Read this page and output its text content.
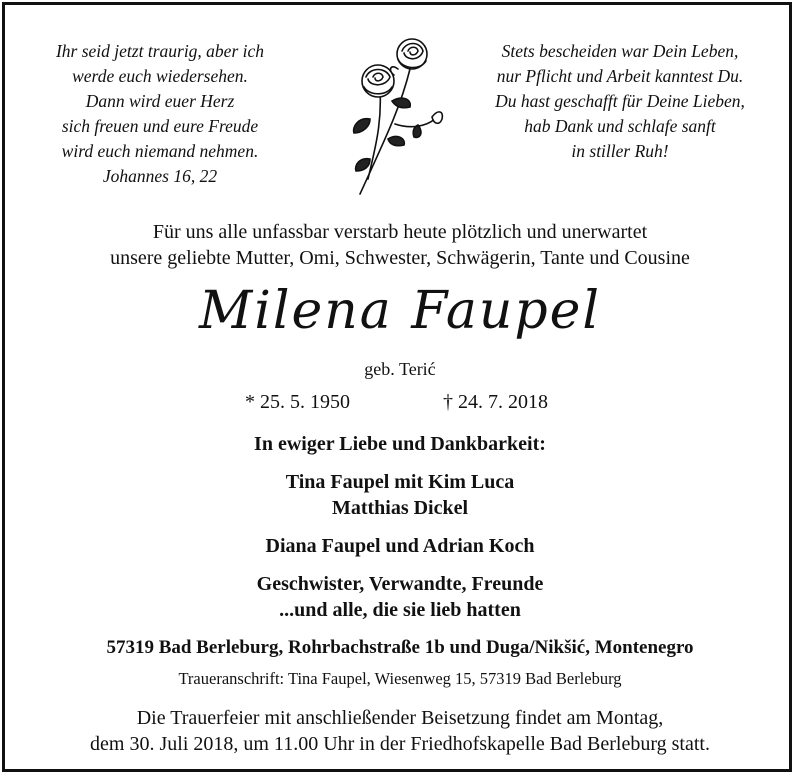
Ihr seid jetzt traurig, aber ich
werde euch wiedersehen.
Dann wird euer Herz
sich freuen und eure Freude
wird euch niemand nehmen.
Johannes 16, 22
Stets bescheiden war Dein Leben,
nur Pflicht und Arbeit kanntest Du.
Du hast geschafft für Deine Lieben,
hab Dank und schlafe sanft
in stiller Ruh!
Für uns alle unfassbar verstarb heute plötzlich und unerwartet
unsere geliebte Mutter, Omi, Schwester, Schwägerin, Tante und Cousine
Milena Faupel
geb. Terić
* 25. 5. 1950	† 24. 7. 2018
In ewiger Liebe und Dankbarkeit:
Tina Faupel mit Kim Luca
Matthias Dickel
Diana Faupel und Adrian Koch
Geschwister, Verwandte, Freunde
...und alle, die sie lieb hatten
57319 Bad Berleburg, Rohrbachstraße 1b und Duga/Nikšić, Montenegro
Traueranschrift: Tina Faupel, Wiesenweg 15, 57319 Bad Berleburg
Die Trauerfeier mit anschließender Beisetzung findet am Montag,
dem 30. Juli 2018, um 11.00 Uhr in der Friedhofskapelle Bad Berleburg statt.
